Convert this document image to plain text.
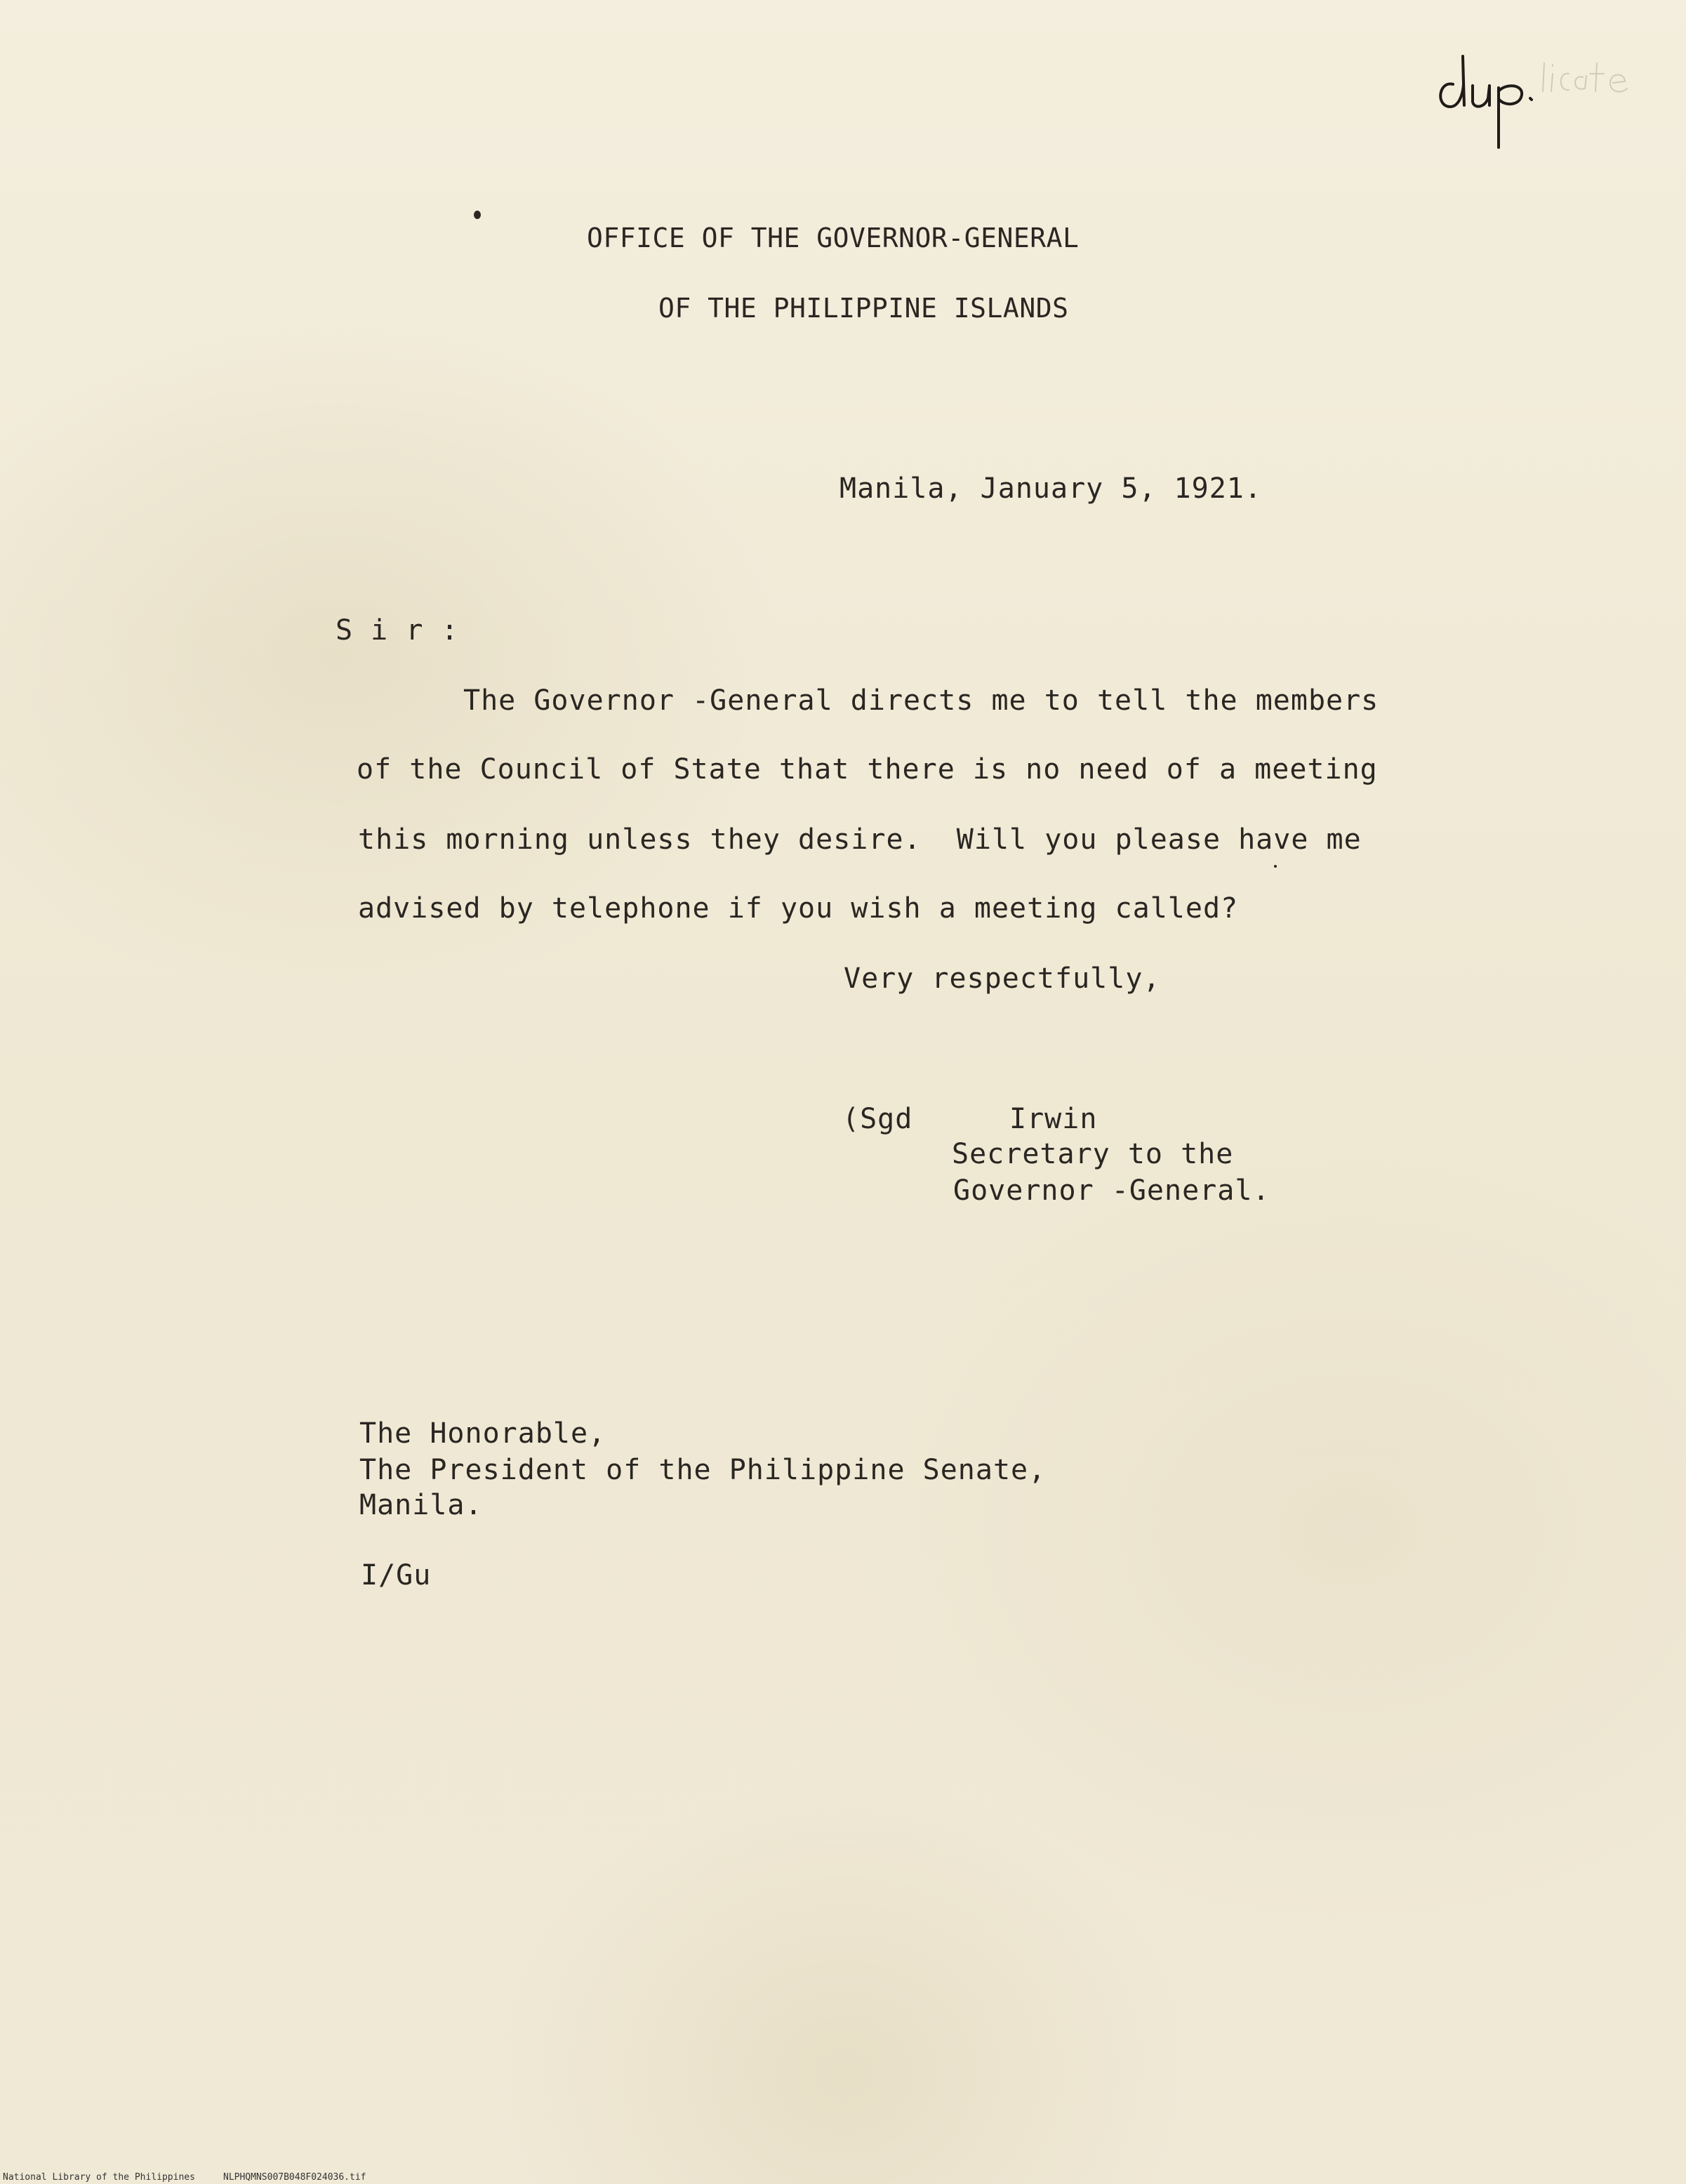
OFFICE OF THE GOVERNOR-GENERAL
OF THE PHILIPPINE ISLANDS
Manila, January 5, 1921.
S i r :
The Governor -General directs me to tell the members
of the Council of State that there is no need of a meeting
this morning unless they desire.  Will you please have me
advised by telephone if you wish a meeting called?
Very respectfully,
(Sgd	Irwin
Secretary to the
Governor -General.
The Honorable,
The President of the Philippine Senate,
Manila.
I/Gu
National Library of the Philippines	NLPHQMNS007B048F024036.tif
